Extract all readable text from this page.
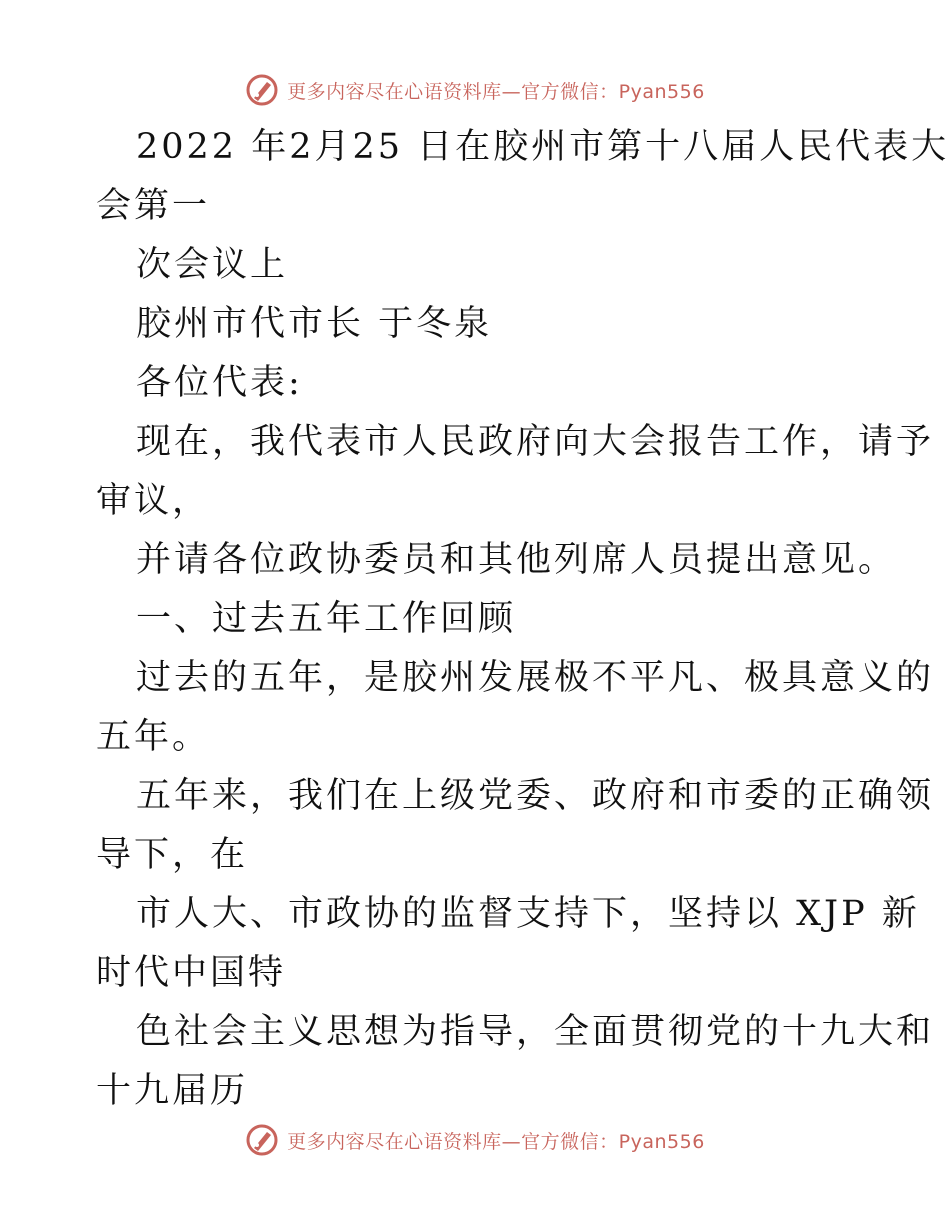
更多内容尽在心语资料库—官方微信：Pyan556

2022 年2月25 日在胶州市第十八届人民代表大

会第一

次会议上

胶州市代市长 于冬泉

各位代表:

现在，我代表市人民政府向大会报告工作，请予

审议，

并请各位政协委员和其他列席人员提出意见。

一、过去五年工作回顾

过去的五年，是胶州发展极不平凡、极具意义的

五年。

五年来，我们在上级党委、政府和市委的正确领

导下，在

市人大、市政协的监督支持下，坚持以 XJP 新

时代中国特

色社会主义思想为指导，全面贯彻党的十九大和

十九届历

更多内容尽在心语资料库—官方微信：Pyan556
